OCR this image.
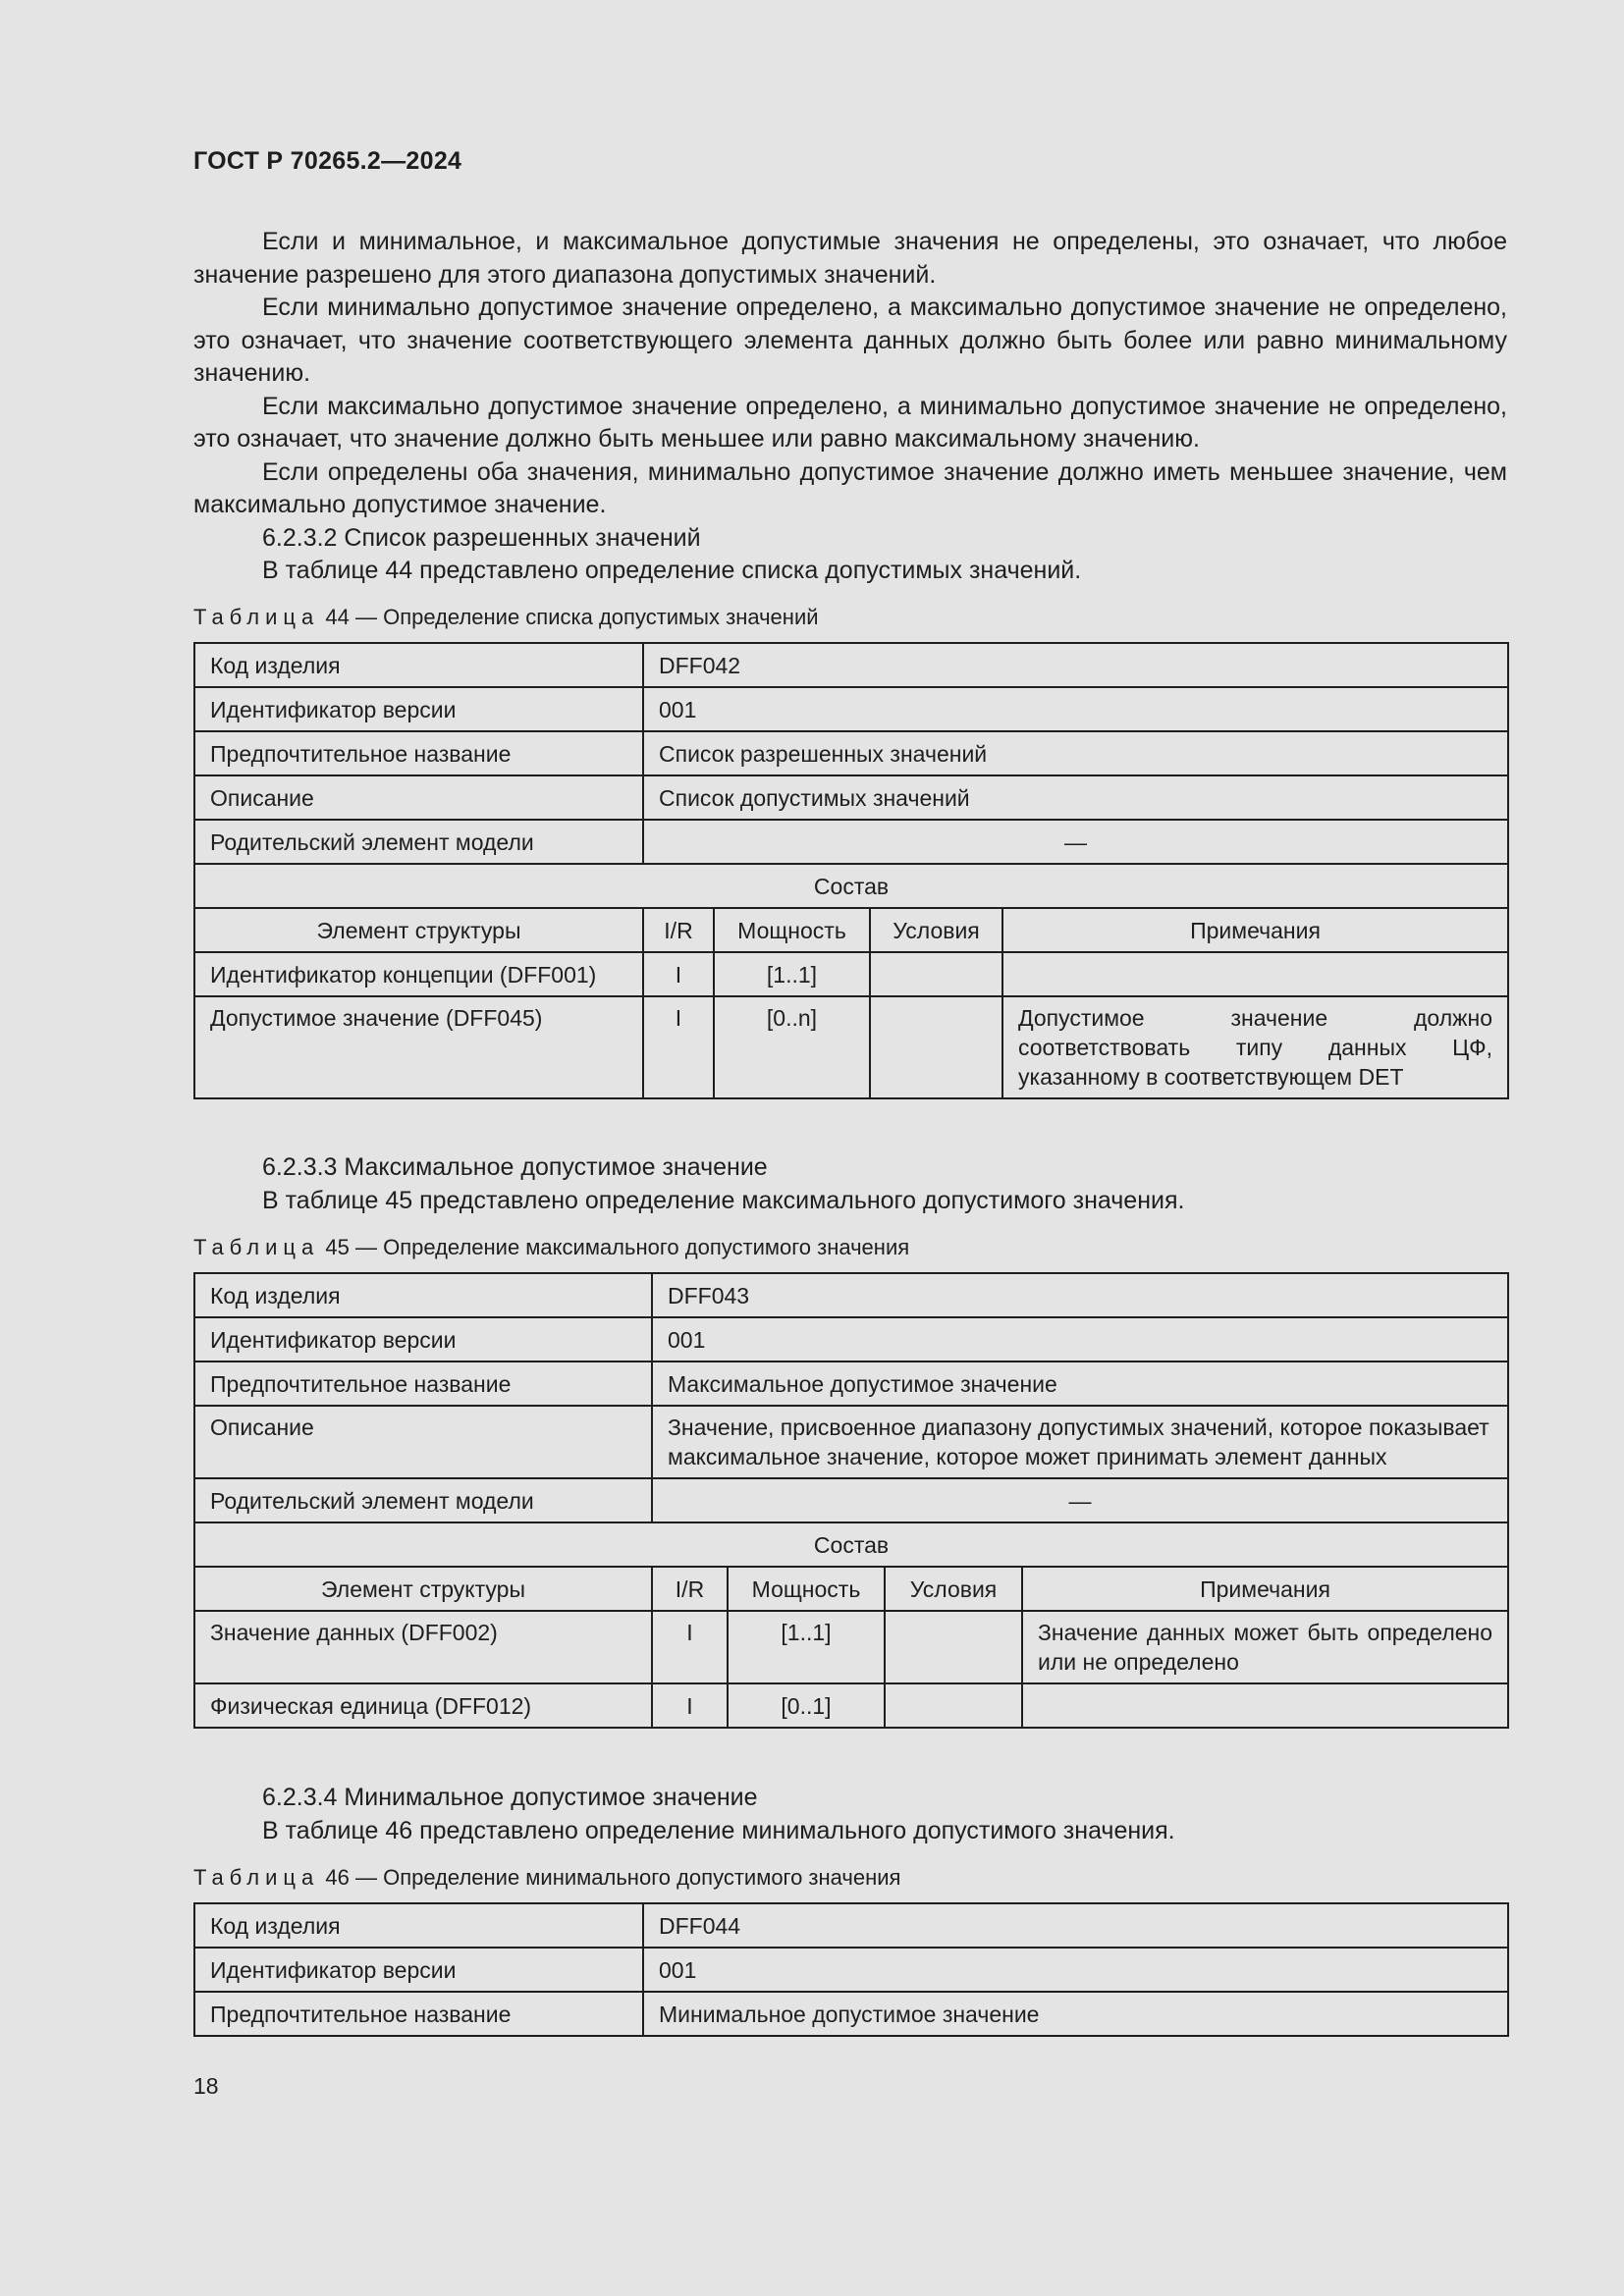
ГОСТ Р 70265.2—2024

Если и минимальное, и максимальное допустимые значения не определены, это означает, что любое значение разрешено для этого диапазона допустимых значений.

Если минимально допустимое значение определено, а максимально допустимое значение не определено, это означает, что значение соответствующего элемента данных должно быть более или равно минимальному значению.

Если максимально допустимое значение определено, а минимально допустимое значение не определено, это означает, что значение должно быть меньшее или равно максимальному значению.

Если определены оба значения, минимально допустимое значение должно иметь меньшее значение, чем максимально допустимое значение.

6.2.3.2 Список разрешенных значений
В таблице 44 представлено определение списка допустимых значений.
Таблица 44 — Определение списка допустимых значений
Код изделия	DFF042			
Идентификатор версии	001			
Предпочтительное название	Список разрешенных значений			
Описание	Список допустимых значений			
Родительский элемент модели	—			
Состав				
Элемент структуры	I/R	Мощность	Условия	Примечания
Идентификатор концепции (DFF001)	I	[1..1]		
Допустимое значение (DFF045)	I	[0..n]		Допустимое значение должно соответствовать типу данных ЦФ, указанному в соответствующем DET
6.2.3.3 Максимальное допустимое значение
В таблице 45 представлено определение максимального допустимого значения.
Таблица 45 — Определение максимального допустимого значения
Код изделия	DFF043			
Идентификатор версии	001			
Предпочтительное название	Максимальное допустимое значение			
Описание	Значение, присвоенное диапазону допустимых значений, которое показывает максимальное значение, которое может принимать элемент данных			
Родительский элемент модели	—			
Состав				
Элемент структуры	I/R	Мощность	Условия	Примечания
Значение данных (DFF002)	I	[1..1]		Значение данных может быть определено или не определено
Физическая единица (DFF012)	I	[0..1]		
6.2.3.4 Минимальное допустимое значение
В таблице 46 представлено определение минимального допустимого значения.
Таблица 46 — Определение минимального допустимого значения
Код изделия	DFF044
Идентификатор версии	001
Предпочтительное название	Минимальное допустимое значение
18
